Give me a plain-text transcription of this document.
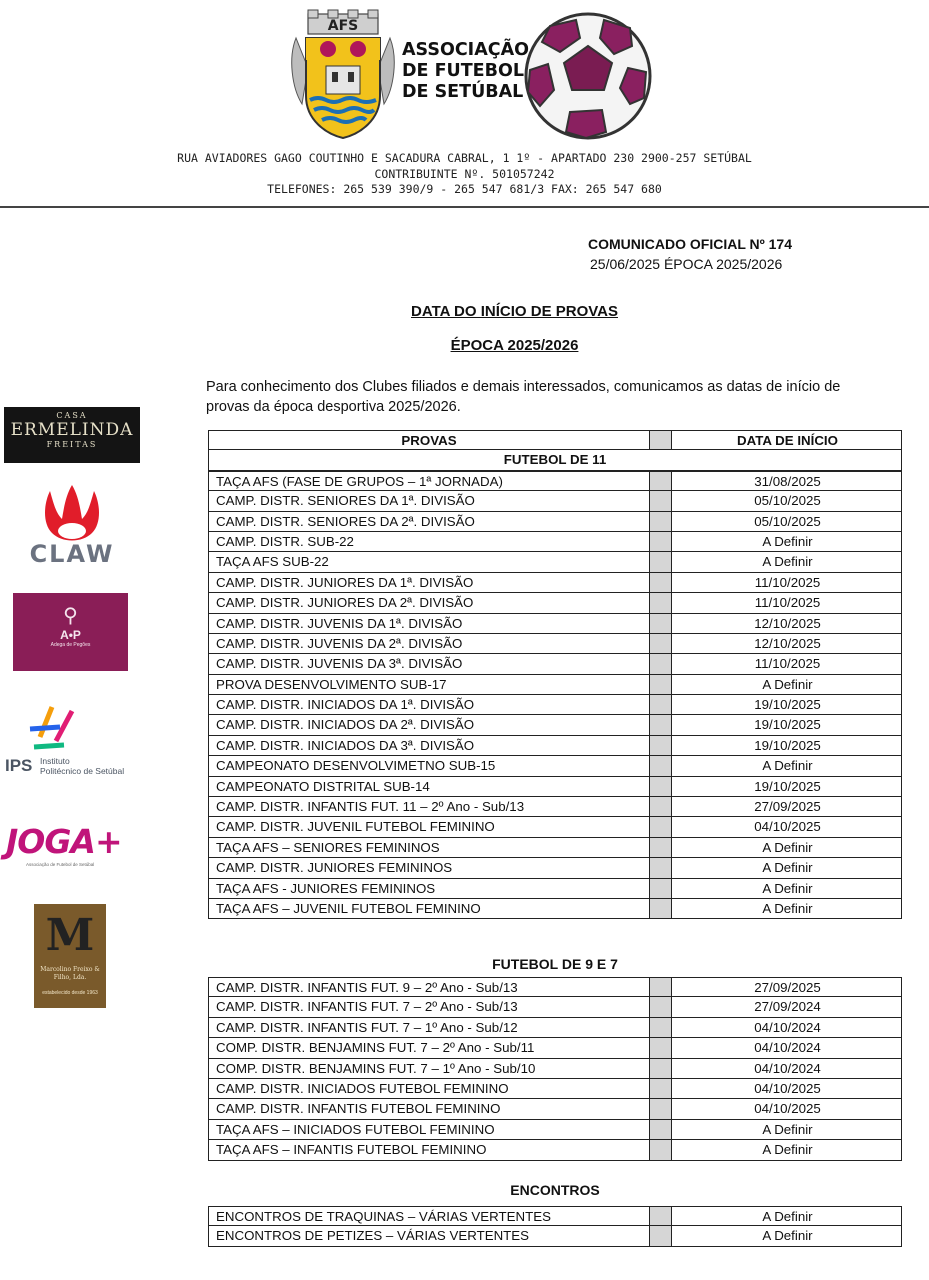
AFS
ASSOCIAÇÃO
DE FUTEBOL
DE SETÚBAL
RUA AVIADORES GAGO COUTINHO E SACADURA CABRAL, 1 1º - APARTADO 230 2900-257 SETÚBAL
CONTRIBUINTE Nº. 501057242
TELEFONES: 265 539 390/9 - 265 547 681/3 FAX: 265 547 680
COMUNICADO OFICIAL Nº 174
25/06/2025 ÉPOCA 2025/2026
DATA DO INÍCIO DE PROVAS
ÉPOCA 2025/2026
Para conhecimento dos Clubes filiados e demais interessados, comunicamos as datas de início de provas da época desportiva 2025/2026.
CASA
ERMELINDA
FREITAS
CLAW
⚲
A•P
Adega de Pegões
IPS Instituto
Politécnico de Setúbal
JOGA+
Associação de Futebol de Setúbal
M
Marcolino Freixo & Filho, Lda.
estabelecido desde 1963
PROVAS	DATA DE INÍCIO
FUTEBOL DE 11
TAÇA AFS (FASE DE GRUPOS – 1ª JORNADA)	31/08/2025
CAMP. DISTR. SENIORES DA 1ª. DIVISÃO	05/10/2025
CAMP. DISTR. SENIORES DA 2ª. DIVISÃO	05/10/2025
CAMP. DISTR. SUB-22	A Definir
TAÇA AFS SUB-22	A Definir
CAMP. DISTR. JUNIORES DA 1ª. DIVISÃO	11/10/2025
CAMP. DISTR. JUNIORES DA 2ª. DIVISÃO	11/10/2025
CAMP. DISTR. JUVENIS DA 1ª. DIVISÃO	12/10/2025
CAMP. DISTR. JUVENIS DA 2ª. DIVISÃO	12/10/2025
CAMP. DISTR. JUVENIS DA 3ª. DIVISÃO	11/10/2025
PROVA DESENVOLVIMENTO SUB-17	A Definir
CAMP. DISTR. INICIADOS DA 1ª. DIVISÃO	19/10/2025
CAMP. DISTR. INICIADOS DA 2ª. DIVISÃO	19/10/2025
CAMP. DISTR. INICIADOS DA 3ª. DIVISÃO	19/10/2025
CAMPEONATO DESENVOLVIMETNO SUB-15	A Definir
CAMPEONATO DISTRITAL SUB-14	19/10/2025
CAMP. DISTR. INFANTIS FUT. 11 – 2º Ano - Sub/13	27/09/2025
CAMP. DISTR. JUVENIL FUTEBOL FEMININO	04/10/2025
TAÇA AFS – SENIORES FEMININOS	A Definir
CAMP. DISTR. JUNIORES FEMININOS	A Definir
TAÇA AFS - JUNIORES FEMININOS	A Definir
TAÇA AFS – JUVENIL FUTEBOL FEMININO	A Definir
FUTEBOL DE 9 E 7
CAMP. DISTR. INFANTIS FUT. 9 – 2º Ano - Sub/13	27/09/2025
CAMP. DISTR. INFANTIS FUT. 7 – 2º Ano - Sub/13	27/09/2024
CAMP. DISTR. INFANTIS FUT. 7 – 1º Ano - Sub/12	04/10/2024
COMP. DISTR. BENJAMINS FUT. 7 – 2º Ano - Sub/11	04/10/2024
COMP. DISTR. BENJAMINS FUT. 7 – 1º Ano - Sub/10	04/10/2024
CAMP. DISTR. INICIADOS FUTEBOL FEMININO	04/10/2025
CAMP. DISTR. INFANTIS FUTEBOL FEMININO	04/10/2025
TAÇA AFS – INICIADOS FUTEBOL FEMININO	A Definir
TAÇA AFS – INFANTIS FUTEBOL FEMININO	A Definir
ENCONTROS
ENCONTROS DE TRAQUINAS – VÁRIAS VERTENTES	A Definir
ENCONTROS DE PETIZES – VÁRIAS VERTENTES	A Definir
